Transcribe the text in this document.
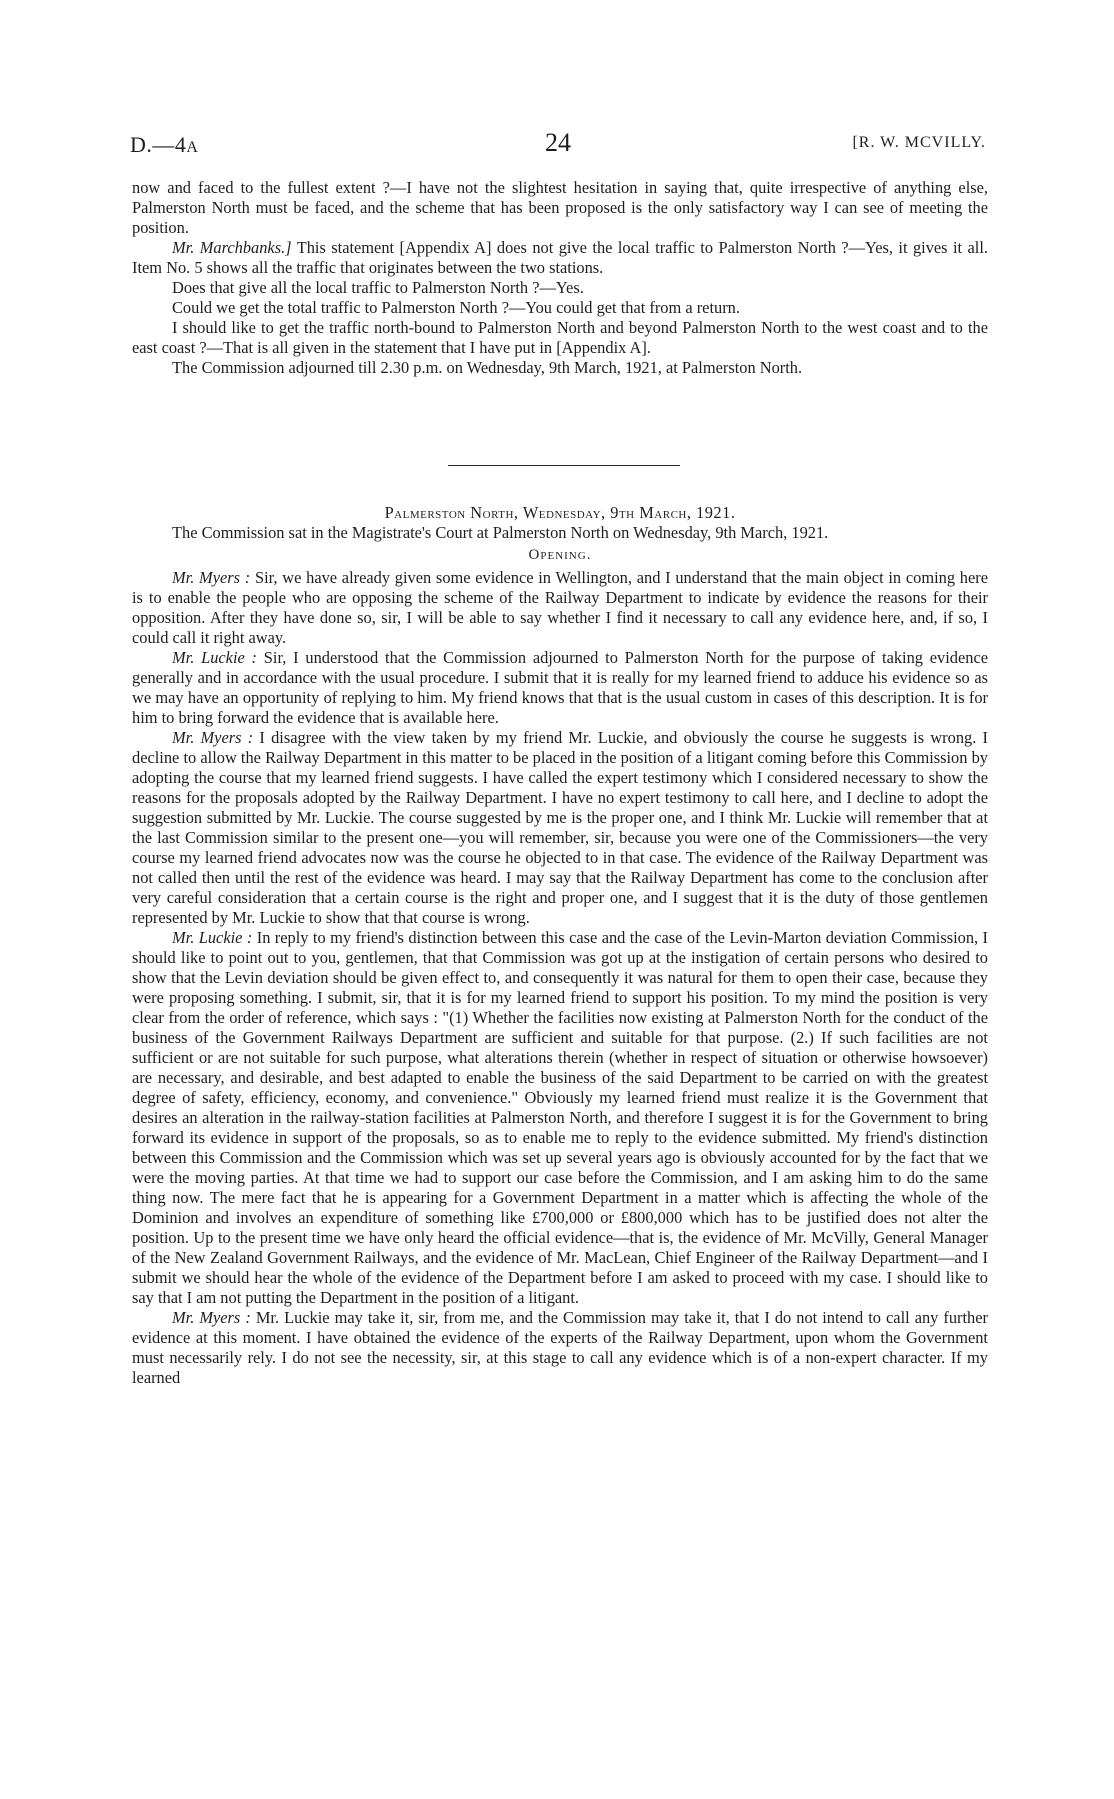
D.—4A	24	[R. W. MCVILLY.

now and faced to the fullest extent ?—I have not the slightest hesitation in saying that, quite irrespective of anything else, Palmerston North must be faced, and the scheme that has been proposed is the only satisfactory way I can see of meeting the position.

Mr. Marchbanks.] This statement [Appendix A] does not give the local traffic to Palmerston North ?—Yes, it gives it all. Item No. 5 shows all the traffic that originates between the two stations.

Does that give all the local traffic to Palmerston North ?—Yes.

Could we get the total traffic to Palmerston North ?—You could get that from a return.

I should like to get the traffic north-bound to Palmerston North and beyond Palmerston North to the west coast and to the east coast ?—That is all given in the statement that I have put in [Appendix A].

The Commission adjourned till 2.30 p.m. on Wednesday, 9th March, 1921, at Palmerston North.

Palmerston North, Wednesday, 9th March, 1921.

The Commission sat in the Magistrate's Court at Palmerston North on Wednesday, 9th March, 1921.

Opening.

Mr. Myers : Sir, we have already given some evidence in Wellington, and I understand that the main object in coming here is to enable the people who are opposing the scheme of the Railway Department to indicate by evidence the reasons for their opposition. After they have done so, sir, I will be able to say whether I find it necessary to call any evidence here, and, if so, I could call it right away.

Mr. Luckie : Sir, I understood that the Commission adjourned to Palmerston North for the purpose of taking evidence generally and in accordance with the usual procedure. I submit that it is really for my learned friend to adduce his evidence so as we may have an opportunity of replying to him. My friend knows that that is the usual custom in cases of this description. It is for him to bring forward the evidence that is available here.

Mr. Myers : I disagree with the view taken by my friend Mr. Luckie, and obviously the course he suggests is wrong. I decline to allow the Railway Department in this matter to be placed in the position of a litigant coming before this Commission by adopting the course that my learned friend suggests. I have called the expert testimony which I considered necessary to show the reasons for the proposals adopted by the Railway Department. I have no expert testimony to call here, and I decline to adopt the suggestion submitted by Mr. Luckie. The course suggested by me is the proper one, and I think Mr. Luckie will remember that at the last Commission similar to the present one—you will remember, sir, because you were one of the Commissioners—the very course my learned friend advocates now was the course he objected to in that case. The evidence of the Railway Department was not called then until the rest of the evidence was heard. I may say that the Railway Department has come to the conclusion after very careful consideration that a certain course is the right and proper one, and I suggest that it is the duty of those gentlemen represented by Mr. Luckie to show that that course is wrong.

Mr. Luckie : In reply to my friend's distinction between this case and the case of the Levin-Marton deviation Commission, I should like to point out to you, gentlemen, that that Commission was got up at the instigation of certain persons who desired to show that the Levin deviation should be given effect to, and consequently it was natural for them to open their case, because they were proposing something. I submit, sir, that it is for my learned friend to support his position. To my mind the position is very clear from the order of reference, which says : "(1) Whether the facilities now existing at Palmerston North for the conduct of the business of the Government Railways Department are sufficient and suitable for that purpose. (2.) If such facilities are not sufficient or are not suitable for such purpose, what alterations therein (whether in respect of situation or otherwise howsoever) are necessary, and desirable, and best adapted to enable the business of the said Department to be carried on with the greatest degree of safety, efficiency, economy, and convenience." Obviously my learned friend must realize it is the Government that desires an alteration in the railway-station facilities at Palmerston North, and therefore I suggest it is for the Government to bring forward its evidence in support of the proposals, so as to enable me to reply to the evidence submitted. My friend's distinction between this Commission and the Commission which was set up several years ago is obviously accounted for by the fact that we were the moving parties. At that time we had to support our case before the Commission, and I am asking him to do the same thing now. The mere fact that he is appearing for a Government Department in a matter which is affecting the whole of the Dominion and involves an expenditure of something like £700,000 or £800,000 which has to be justified does not alter the position. Up to the present time we have only heard the official evidence—that is, the evidence of Mr. McVilly, General Manager of the New Zealand Government Railways, and the evidence of Mr. MacLean, Chief Engineer of the Railway Department—and I submit we should hear the whole of the evidence of the Department before I am asked to proceed with my case. I should like to say that I am not putting the Department in the position of a litigant.

Mr. Myers : Mr. Luckie may take it, sir, from me, and the Commission may take it, that I do not intend to call any further evidence at this moment. I have obtained the evidence of the experts of the Railway Department, upon whom the Government must necessarily rely. I do not see the necessity, sir, at this stage to call any evidence which is of a non-expert character. If my learned
